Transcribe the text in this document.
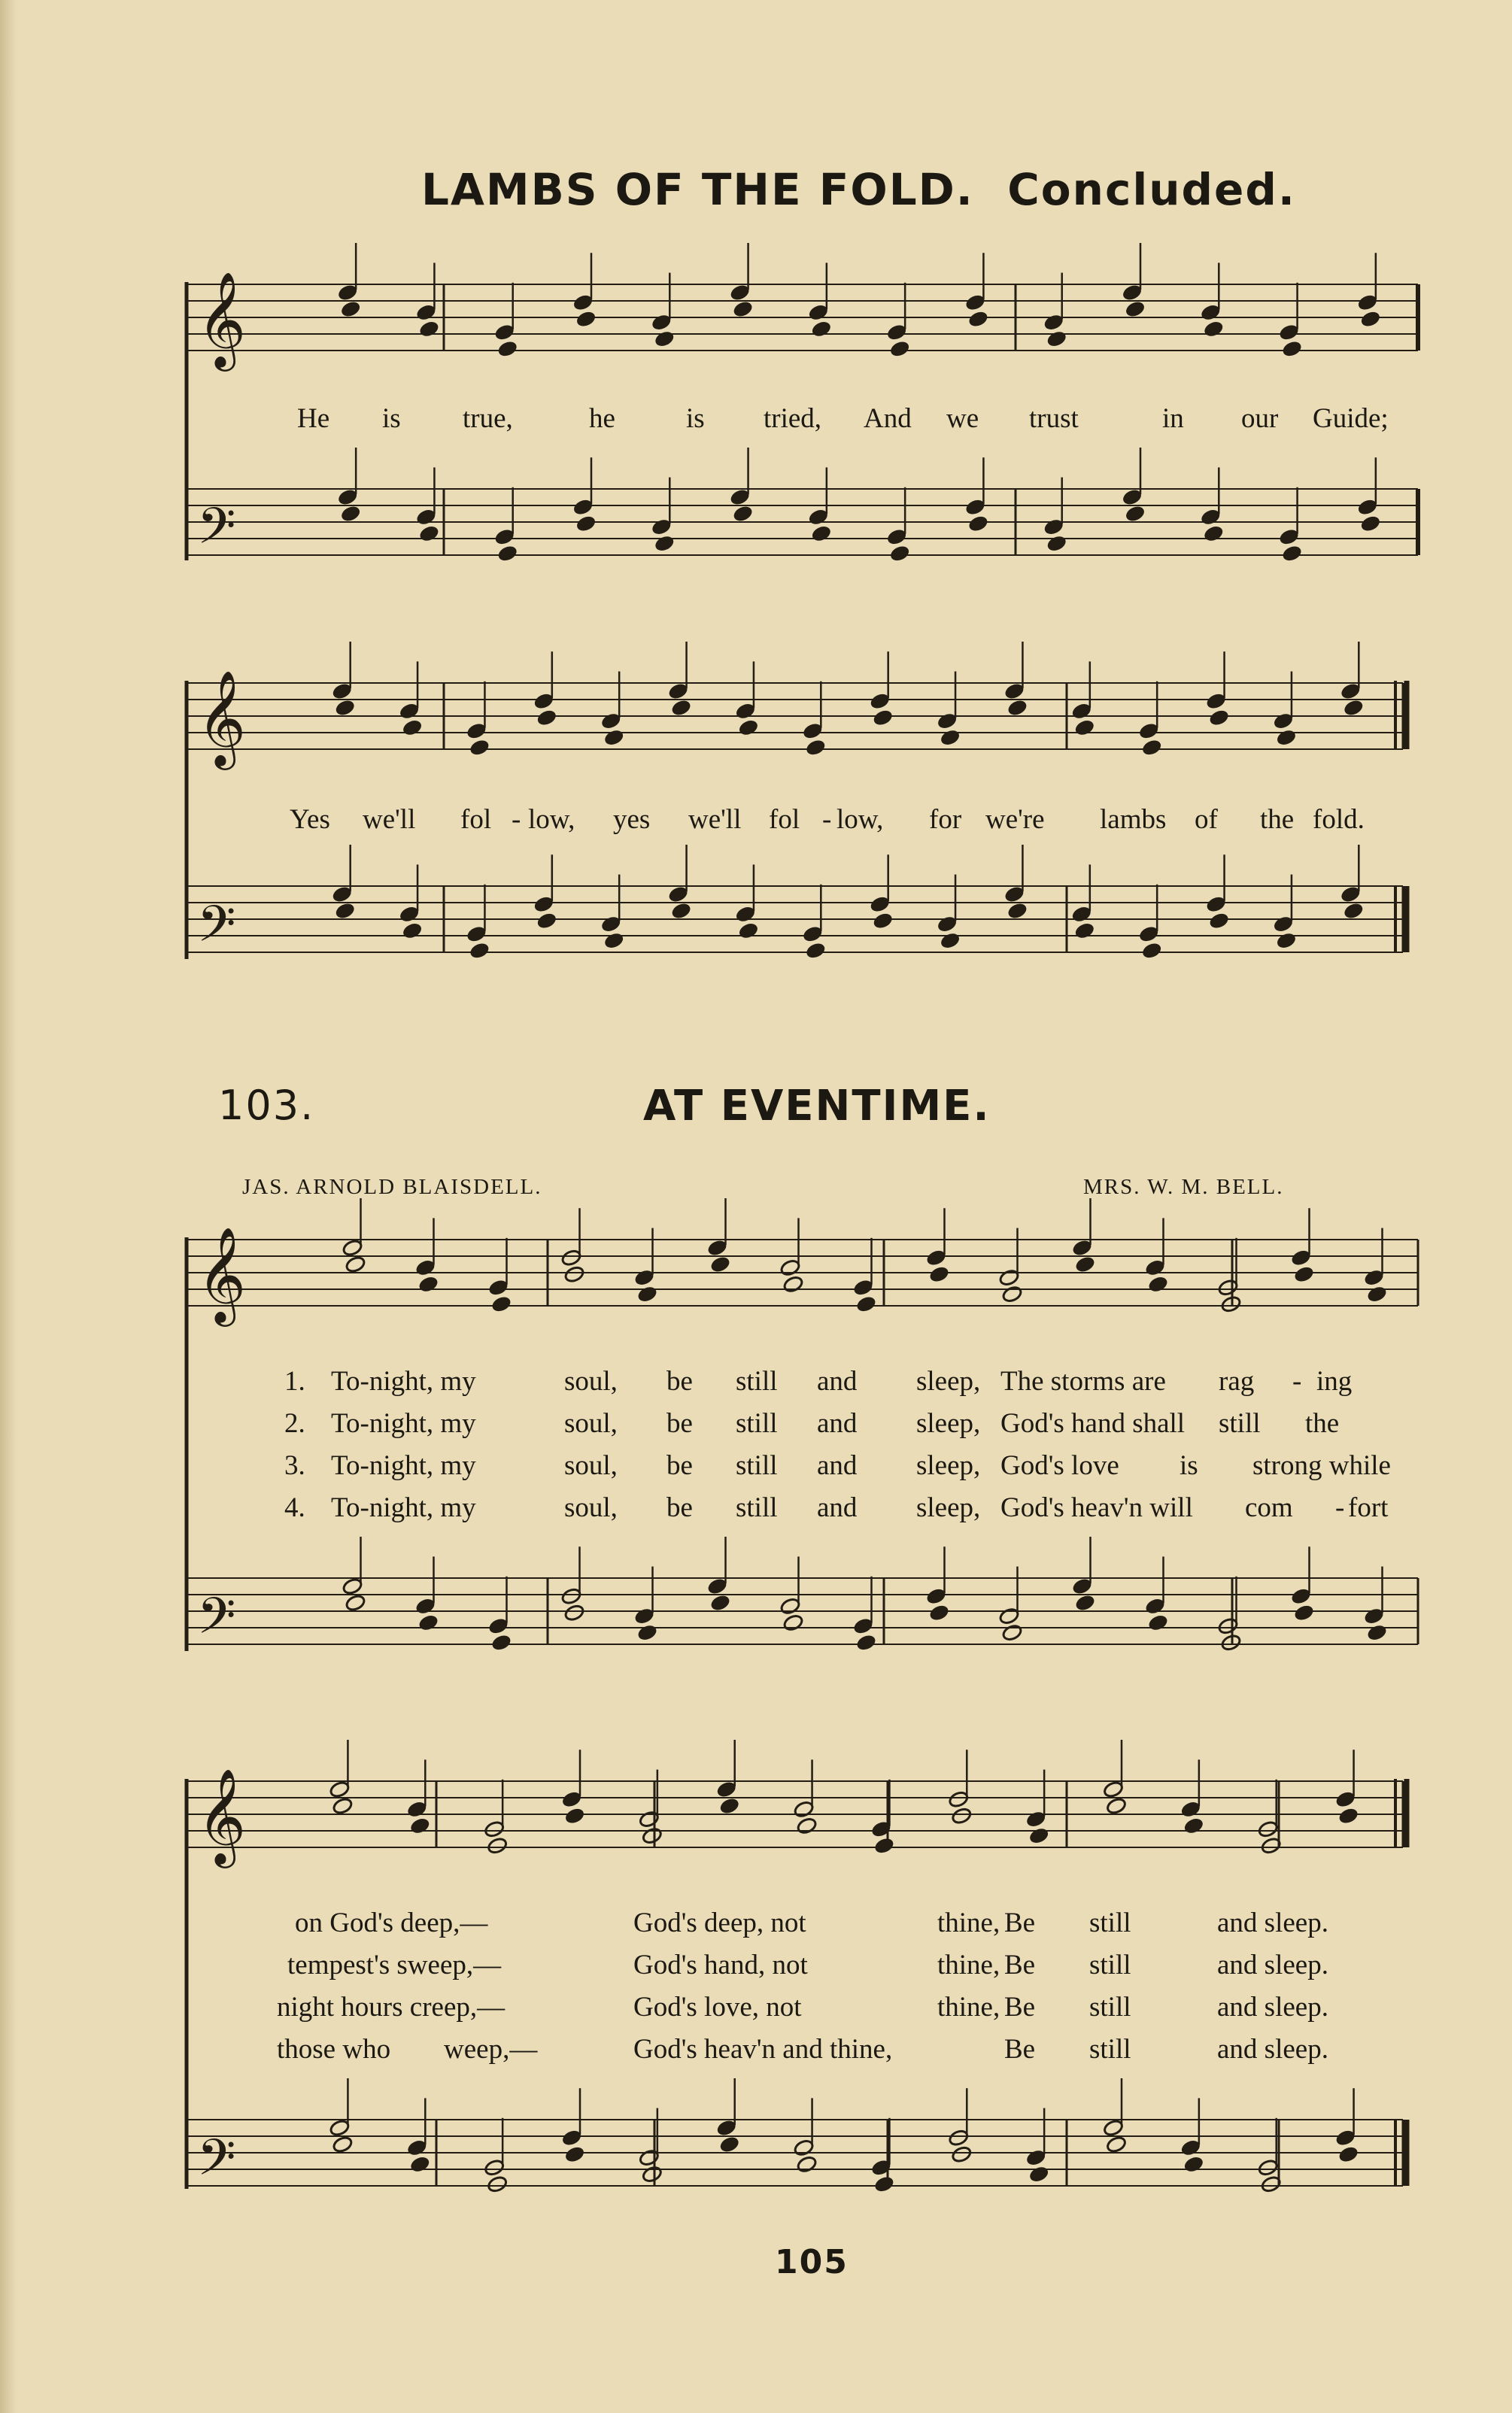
LAMBS OF THE FOLD. Concluded.
𝄞
𝄢
𝄞
𝄢
𝄞
𝄢
𝄞
𝄢
He is true,	he	is tried, And we trust	in our Guide;
Yes we'll fol - low, yes we'll fol - low, for we're lambs of the fold.
103.	AT EVENTIME.
JAS. ARNOLD BLAISDELL.	MRS. W. M. BELL.
1. To-night, my	soul, be still and sleep, The storms are rag - ing
2. To-night, my	soul, be still and sleep, God's hand shall still the
3. To-night, my	soul, be still and sleep, God's love is strong while
4. To-night, my	soul, be still and sleep, God's heav'n will com - fort
on God's deep,—	God's deep, not	thine, Be still	and sleep.
tempest's sweep,—	God's hand, not	thine, Be still	and sleep.
night hours creep,—	God's love, not	thine, Be still	and sleep.
those who weep,—	God's heav'n and thine,	Be still	and sleep.
105
